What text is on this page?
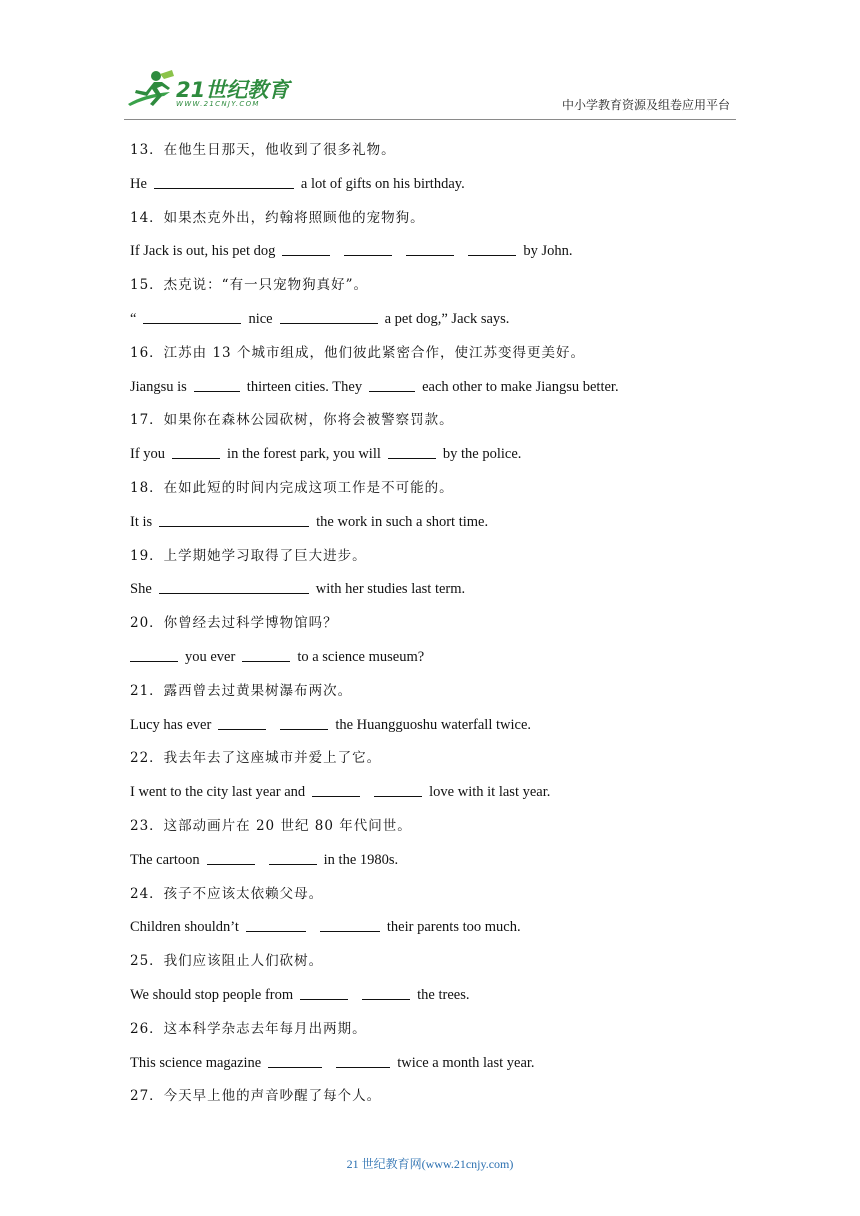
21世纪教育
WWW.21CNJY.COM	中小学教育资源及组卷应用平台
13．在他生日那天，他收到了很多礼物。
He	a lot of gifts on his birthday.
14．如果杰克外出，约翰将照顾他的宠物狗。
If Jack is out, his pet dog	by John.
15．杰克说：“有一只宠物狗真好”。
“	nice	a pet dog,” Jack says.
16．江苏由 13 个城市组成，他们彼此紧密合作，使江苏变得更美好。
Jiangsu is	thirteen cities. They	each other to make Jiangsu better.
17．如果你在森林公园砍树，你将会被警察罚款。
If you	in the forest park, you will	by the police.
18．在如此短的时间内完成这项工作是不可能的。
It is	the work in such a short time.
19．上学期她学习取得了巨大进步。
She	with her studies last term.
20．你曾经去过科学博物馆吗？
you ever	to a science museum?
21．露西曾去过黄果树瀑布两次。
Lucy has ever	the Huangguoshu waterfall twice.
22．我去年去了这座城市并爱上了它。
I went to the city last year and	love with it last year.
23．这部动画片在 20 世纪 80 年代问世。
The cartoon	in the 1980s.
24．孩子不应该太依赖父母。
Children shouldn’t	their parents too much.
25．我们应该阻止人们砍树。
We should stop people from	the trees.
26．这本科学杂志去年每月出两期。
This science magazine	twice a month last year.
27．今天早上他的声音吵醒了每个人。
21 世纪教育网(www.21cnjy.com)
